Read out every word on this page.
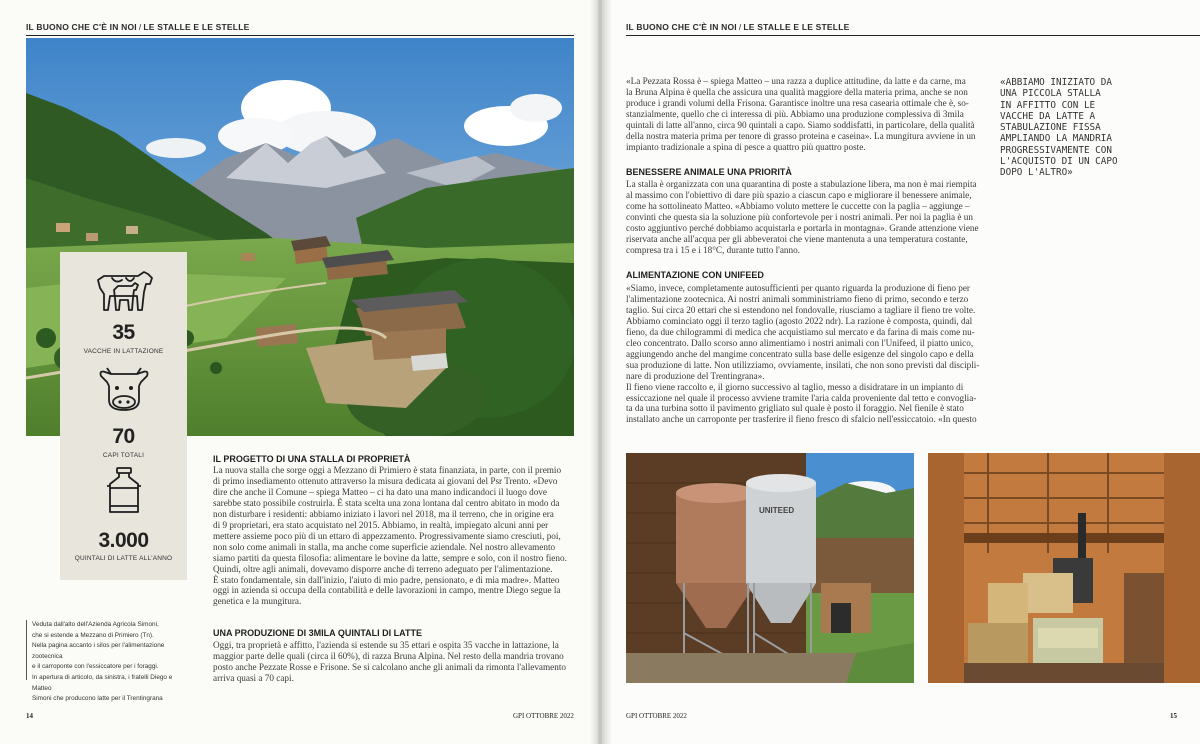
IL BUONO CHE C'È IN NOI / LE STALLE E LE STELLE
35
VACCHE IN LATTAZIONE
70
CAPI TOTALI
3.000
QUINTALI DI LATTE ALL'ANNO
IL PROGETTO DI UNA STALLA DI PROPRIETÀ
La nuova stalla che sorge oggi a Mezzano di Primiero è stata finanziata, in parte, con il premio
di primo insediamento ottenuto attraverso la misura dedicata ai giovani del Psr Trento. «Devo
dire che anche il Comune – spiega Matteo – ci ha dato una mano indicandoci il luogo dove
sarebbe stato possibile costruirla. È stata scelta una zona lontana dal centro abitato in modo da
non disturbare i residenti: abbiamo iniziato i lavori nel 2018, ma il terreno, che in origine era
di 9 proprietari, era stato acquistato nel 2015. Abbiamo, in realtà, impiegato alcuni anni per
mettere assieme poco più di un ettaro di appezzamento. Progressivamente siamo cresciuti, poi,
non solo come animali in stalla, ma anche come superficie aziendale. Nel nostro allevamento
siamo partiti da questa filosofia: alimentare le bovine da latte, sempre e solo, con il nostro fieno.
Quindi, oltre agli animali, dovevamo disporre anche di terreno adeguato per l'alimentazione.
È stato fondamentale, sin dall'inizio, l'aiuto di mio padre, pensionato, e di mia madre». Matteo
oggi in azienda si occupa della contabilità e delle lavorazioni in campo, mentre Diego segue la
genetica e la mungitura.
UNA PRODUZIONE DI 3MILA QUINTALI DI LATTE
Oggi, tra proprietà e affitto, l'azienda si estende su 35 ettari e ospita 35 vacche in lattazione, la
maggior parte delle quali (circa il 60%), di razza Bruna Alpina. Nel resto della mandria trovano
posto anche Pezzate Rosse e Frisone. Se si calcolano anche gli animali da rimonta l'allevamento
arriva quasi a 70 capi.
Veduta dall'alto dell'Azienda Agricola Simoni,
che si estende a Mezzano di Primiero (Tn).
Nella pagina accanto i silos per l'alimentazione zootecnica
e il carroponte con l'essiccatore per i foraggi.
In apertura di articolo, da sinistra, i fratelli Diego e Matteo
Simoni che producono latte per il Trentingrana
14	GPI OTTOBRE 2022
IL BUONO CHE C'È IN NOI / LE STALLE E LE STELLE
«La Pezzata Rossa è – spiega Matteo – una razza a duplice attitudine, da latte e da carne, ma
la Bruna Alpina è quella che assicura una qualità maggiore della materia prima, anche se non
produce i grandi volumi della Frisona. Garantisce inoltre una resa casearia ottimale che è, so-
stanzialmente, quello che ci interessa di più. Abbiamo una produzione complessiva di 3mila
quintali di latte all'anno, circa 90 quintali a capo. Siamo soddisfatti, in particolare, della qualità
della nostra materia prima per tenore di grasso proteina e caseina». La mungitura avviene in un
impianto tradizionale a spina di pesce a quattro più quattro poste.
BENESSERE ANIMALE UNA PRIORITÀ
La stalla è organizzata con una quarantina di poste a stabulazione libera, ma non è mai riempita
al massimo con l'obiettivo di dare più spazio a ciascun capo e migliorare il benessere animale,
come ha sottolineato Matteo. «Abbiamo voluto mettere le cuccette con la paglia – aggiunge –
convinti che questa sia la soluzione più confortevole per i nostri animali. Per noi la paglia è un
costo aggiuntivo perché dobbiamo acquistarla e portarla in montagna». Grande attenzione viene
riservata anche all'acqua per gli abbeveratoi che viene mantenuta a una temperatura costante,
compresa tra i 15 e i 18°C, durante tutto l'anno.
ALIMENTAZIONE CON UNIFEED
«Siamo, invece, completamente autosufficienti per quanto riguarda la produzione di fieno per
l'alimentazione zootecnica. Ai nostri animali somministriamo fieno di primo, secondo e terzo
taglio. Sui circa 20 ettari che si estendono nel fondovalle, riusciamo a tagliare il fieno tre volte.
Abbiamo cominciato oggi il terzo taglio (agosto 2022 ndr). La razione è composta, quindi, dal
fieno, da due chilogrammi di medica che acquistiamo sul mercato e da farina di mais come nu-
cleo concentrato. Dallo scorso anno alimentiamo i nostri animali con l'Unifeed, il piatto unico,
aggiungendo anche del mangime concentrato sulla base delle esigenze del singolo capo e della
sua produzione di latte. Non utilizziamo, ovviamente, insilati, che non sono previsti dal discipli-
nare di produzione del Trentingrana».
Il fieno viene raccolto e, il giorno successivo al taglio, messo a disidratare in un impianto di
essiccazione nel quale il processo avviene tramite l'aria calda proveniente dal tetto e convoglia-
ta da una turbina sotto il pavimento grigliato sul quale è posto il foraggio. Nel fienile è stato
installato anche un carroponte per trasferire il fieno fresco di sfalcio nell'essiccatoio. «In questo
«ABBIAMO INIZIATO DA
UNA PICCOLA STALLA
IN AFFITTO CON LE
VACCHE DA LATTE A
STABULAZIONE FISSA
AMPLIANDO LA MANDRIA
PROGRESSIVAMENTE CON
L'ACQUISTO DI UN CAPO
DOPO L'ALTRO»
UNITEED
GPI OTTOBRE 2022	15
